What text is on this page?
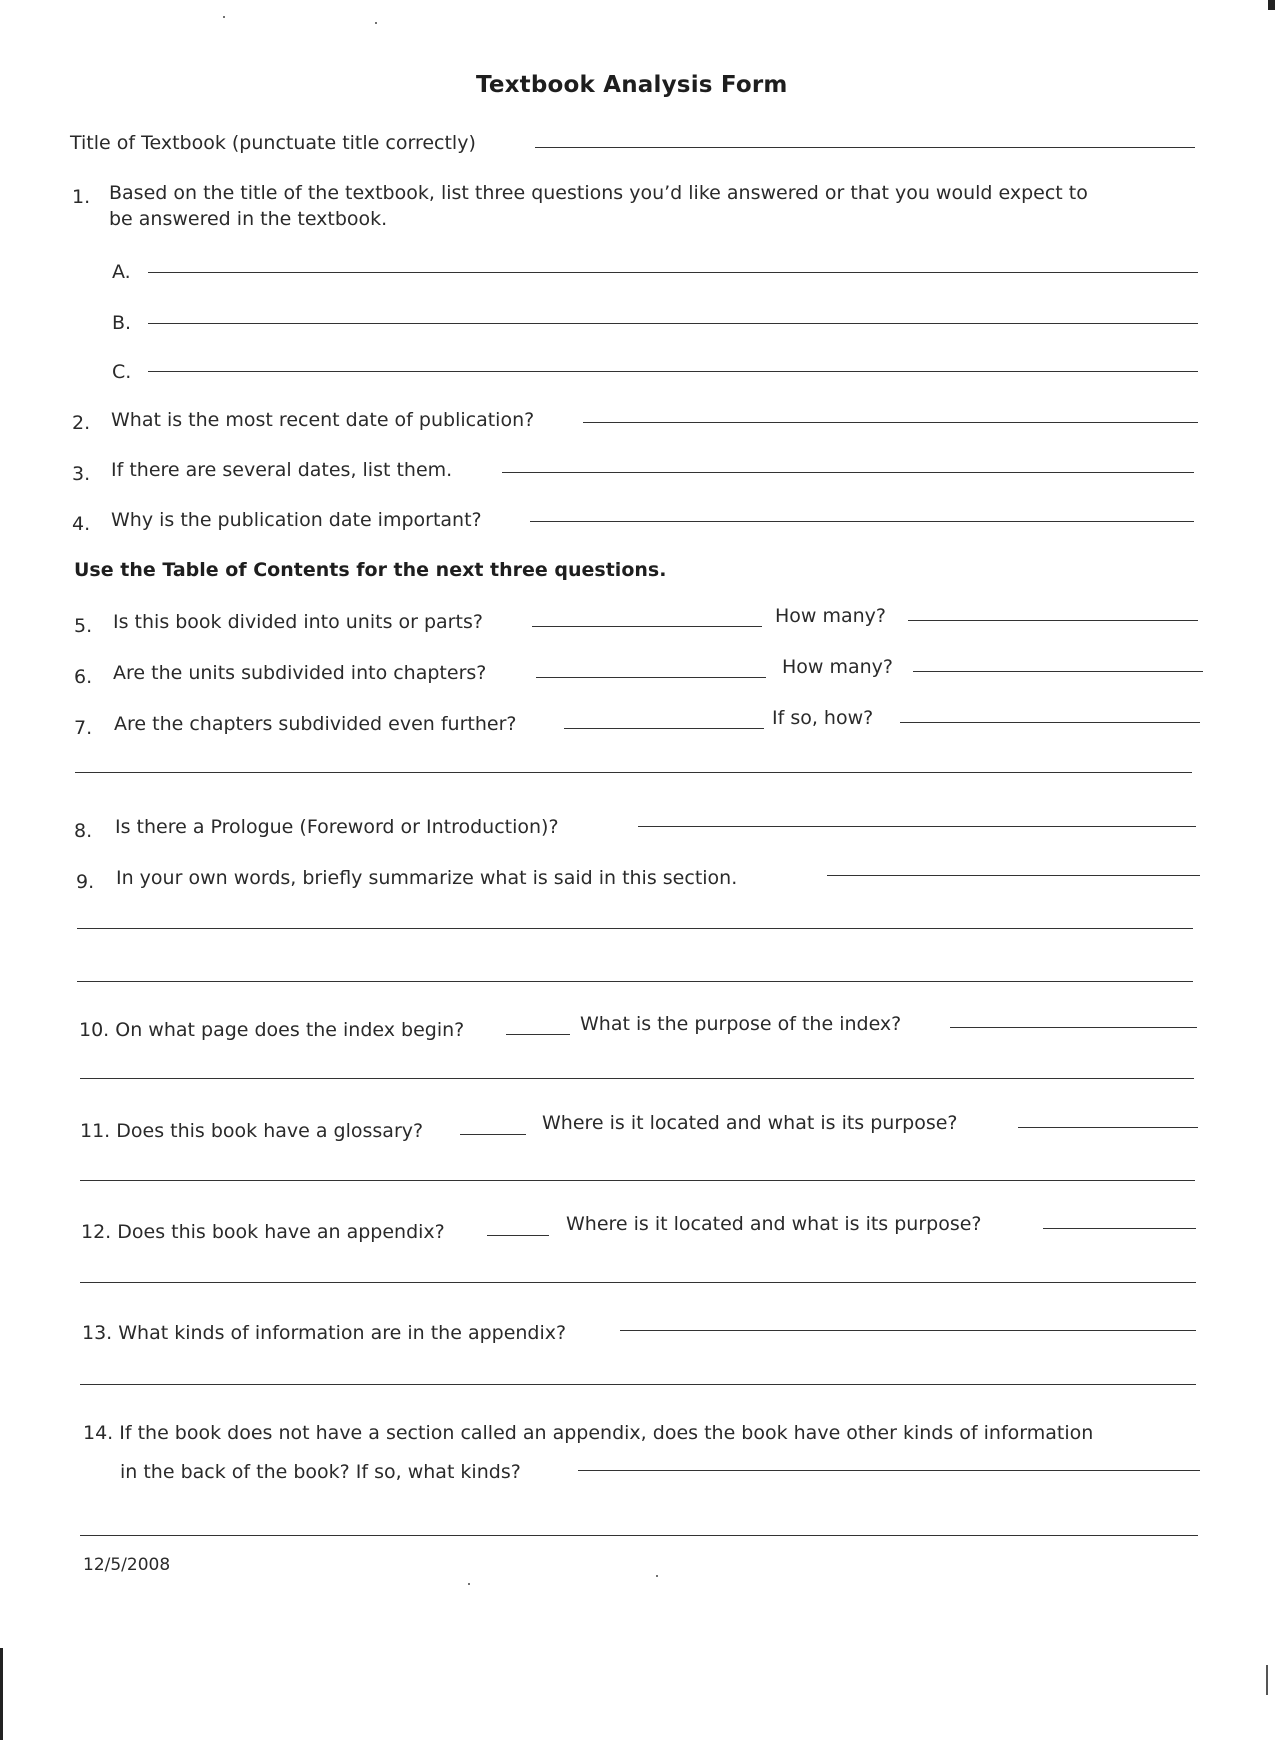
Textbook Analysis Form
Title of Textbook (punctuate title correctly)
1. Based on the title of the textbook, list three questions you’d like answered or that you would expect to
be answered in the textbook.
A.
B.
C.
2. What is the most recent date of publication?
3. If there are several dates, list them.
4. Why is the publication date important?
Use the Table of Contents for the next three questions.
5. Is this book divided into units or parts?	How many?
6. Are the units subdivided into chapters?	How many?
7. Are the chapters subdivided even further?	If so, how?
8. Is there a Prologue (Foreword or Introduction)?
9. In your own words, briefly summarize what is said in this section.
10. On what page does the index begin?	What is the purpose of the index?
11. Does this book have a glossary?	Where is it located and what is its purpose?
12. Does this book have an appendix?	Where is it located and what is its purpose?
13. What kinds of information are in the appendix?
14. If the book does not have a section called an appendix, does the book have other kinds of information
in the back of the book? If so, what kinds?
12/5/2008
